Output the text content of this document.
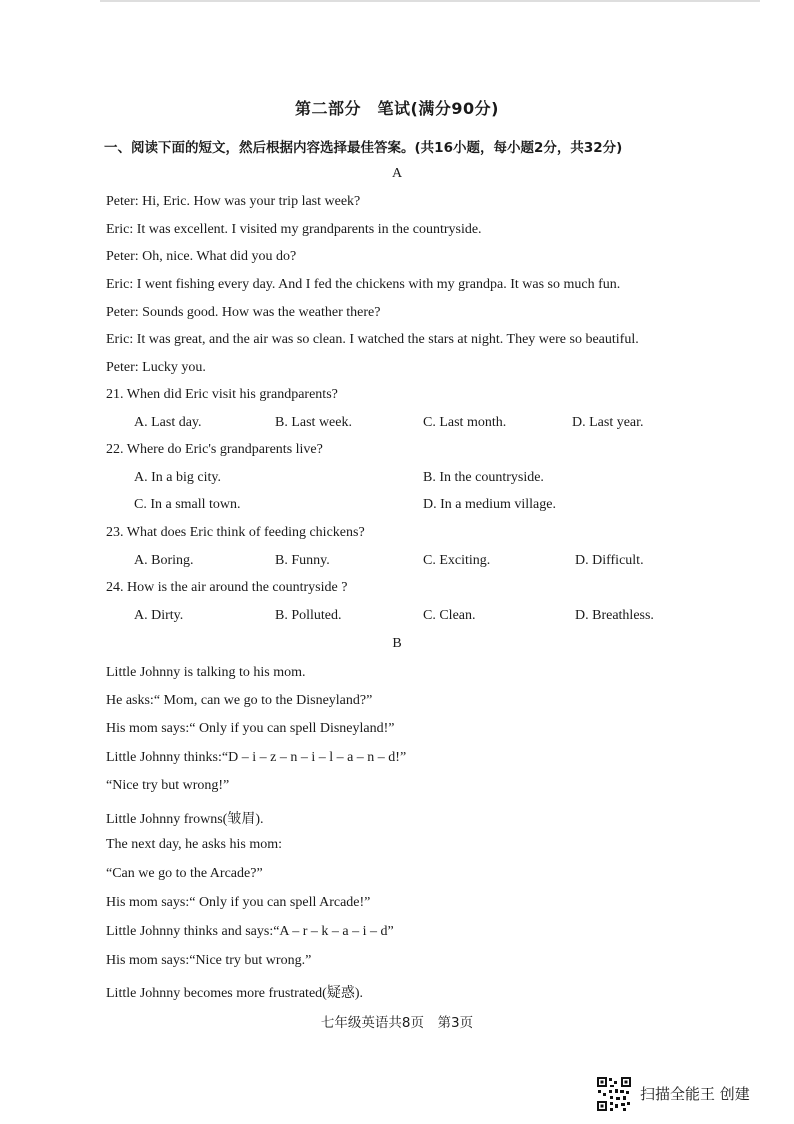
第二部分　笔试(满分90分)
一、阅读下面的短文，然后根据内容选择最佳答案。(共16小题，每小题2分，共32分)
A
Peter: Hi, Eric. How was your trip last week?
Eric: It was excellent. I visited my grandparents in the countryside.
Peter: Oh, nice. What did you do?
Eric: I went fishing every day. And I fed the chickens with my grandpa. It was so much fun.
Peter: Sounds good. How was the weather there?
Eric: It was great, and the air was so clean. I watched the stars at night. They were so beautiful.
Peter: Lucky you.
21. When did Eric visit his grandparents?
A. Last day.	B. Last week.	C. Last month.	D. Last year.
22. Where do Eric's grandparents live?
A. In a big city.	B. In the countryside.
C. In a small town.	D. In a medium village.
23. What does Eric think of feeding chickens?
A. Boring.	B. Funny.	C. Exciting.	D. Difficult.
24. How is the air around the countryside ?
A. Dirty.	B. Polluted.	C. Clean.	D. Breathless.
B
Little Johnny is talking to his mom.
He asks:“ Mom, can we go to the Disneyland?”
His mom says:“ Only if you can spell Disneyland!”
Little Johnny thinks:“D – i – z – n – i – l – a – n – d!”
“Nice try but wrong!”
Little Johnny frowns(皱眉).
The next day, he asks his mom:
“Can we go to the Arcade?”
His mom says:“ Only if you can spell Arcade!”
Little Johnny thinks and says:“A – r – k – a – i – d”
His mom says:“Nice try but wrong.”
Little Johnny becomes more frustrated(疑惑).
七年级英语共8页　第3页
扫描全能王 创建
